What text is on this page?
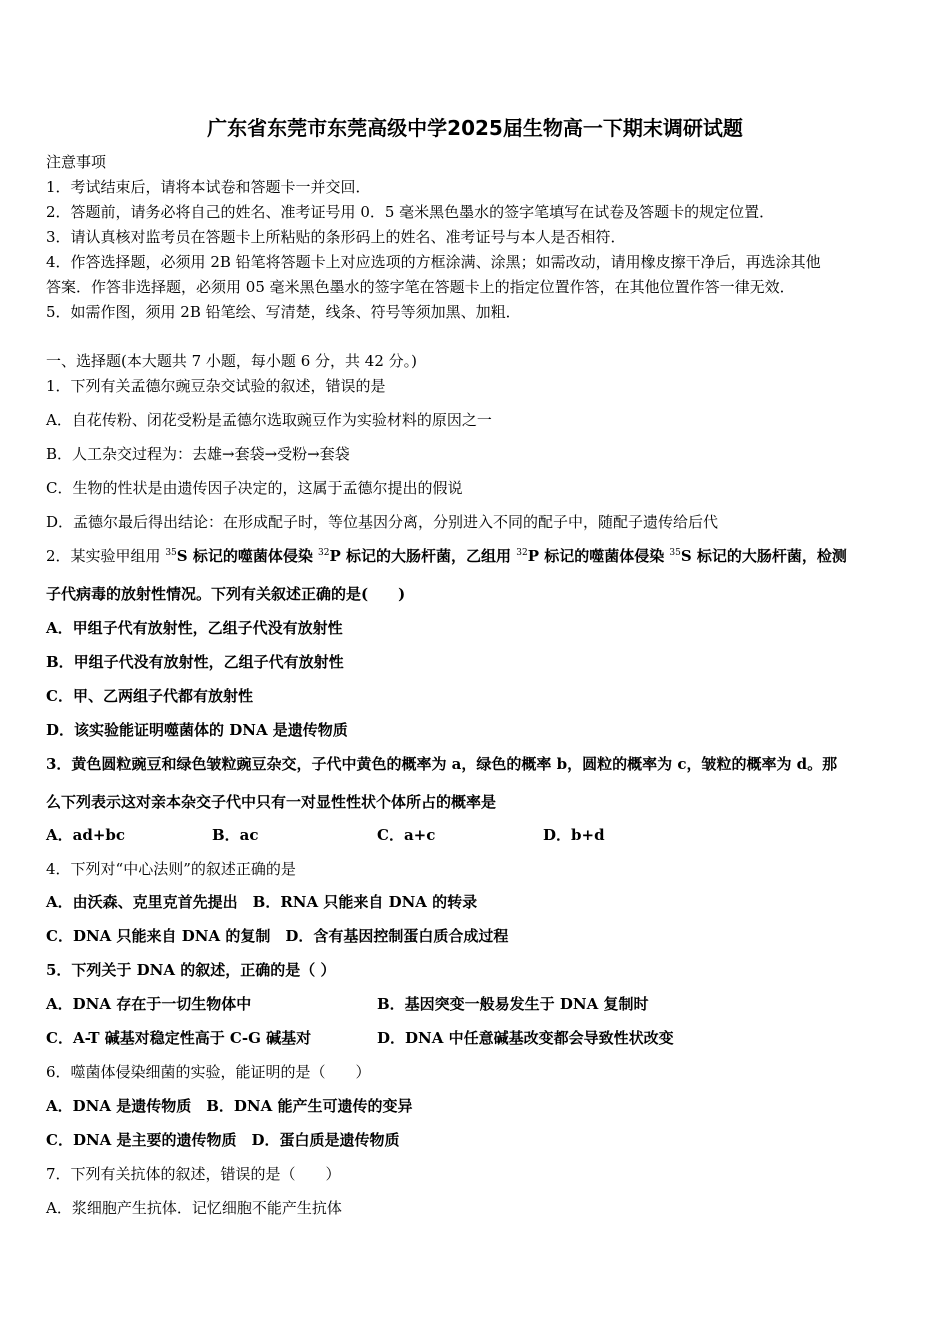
广东省东莞市东莞高级中学2025届生物高一下期末调研试题
注意事项
1．考试结束后，请将本试卷和答题卡一并交回．
2．答题前，请务必将自己的姓名、准考证号用 0．5 毫米黑色墨水的签字笔填写在试卷及答题卡的规定位置．
3．请认真核对监考员在答题卡上所粘贴的条形码上的姓名、准考证号与本人是否相符．
4．作答选择题，必须用 2B 铅笔将答题卡上对应选项的方框涂满、涂黑；如需改动，请用橡皮擦干净后，再选涂其他
答案．作答非选择题，必须用 05 毫米黑色墨水的签字笔在答题卡上的指定位置作答，在其他位置作答一律无效．
5．如需作图，须用 2B 铅笔绘、写清楚，线条、符号等须加黑、加粗．
一、选择题(本大题共 7 小题，每小题 6 分，共 42 分。)
1．下列有关孟德尔豌豆杂交试验的叙述，错误的是
A．自花传粉、闭花受粉是孟德尔选取豌豆作为实验材料的原因之一
B．人工杂交过程为：去雄→套袋→受粉→套袋
C．生物的性状是由遗传因子决定的，这属于孟德尔提出的假说
D．孟德尔最后得出结论：在形成配子时，等位基因分离，分别进入不同的配子中，随配子遗传给后代
2．某实验甲组用 $^{35}$S 标记的噬菌体侵染 $^{32}$P 标记的大肠杆菌，乙组用 $^{32}$P 标记的噬菌体侵染 $^{35}$S 标记的大肠杆菌，检测
子代病毒的放射性情况。下列有关叙述正确的是(　　)
A．甲组子代有放射性，乙组子代没有放射性
B．甲组子代没有放射性，乙组子代有放射性
C．甲、乙两组子代都有放射性
D．该实验能证明噬菌体的 DNA 是遗传物质
3．黄色圆粒豌豆和绿色皱粒豌豆杂交，子代中黄色的概率为 a，绿色的概率 b，圆粒的概率为 c，皱粒的概率为 d。那
么下列表示这对亲本杂交子代中只有一对显性性状个体所占的概率是
A．ad+bc	B．ac	C．a+c	D．b+d
4．下列对“中心法则”的叙述正确的是
A．由沃森、克里克首先提出　B．RNA 只能来自 DNA 的转录
C．DNA 只能来自 DNA 的复制　D．含有基因控制蛋白质合成过程
5．下列关于 DNA 的叙述，正确的是（ ）
A．DNA 存在于一切生物体中	B．基因突变一般易发生于 DNA 复制时
C．A-T 碱基对稳定性高于 C-G 碱基对	D．DNA 中任意碱基改变都会导致性状改变
6．噬菌体侵染细菌的实验，能证明的是（　　）
A．DNA 是遗传物质　B．DNA 能产生可遗传的变异
C．DNA 是主要的遗传物质　D．蛋白质是遗传物质
7．下列有关抗体的叙述，错误的是（　　）
A．浆细胞产生抗体．记忆细胞不能产生抗体
